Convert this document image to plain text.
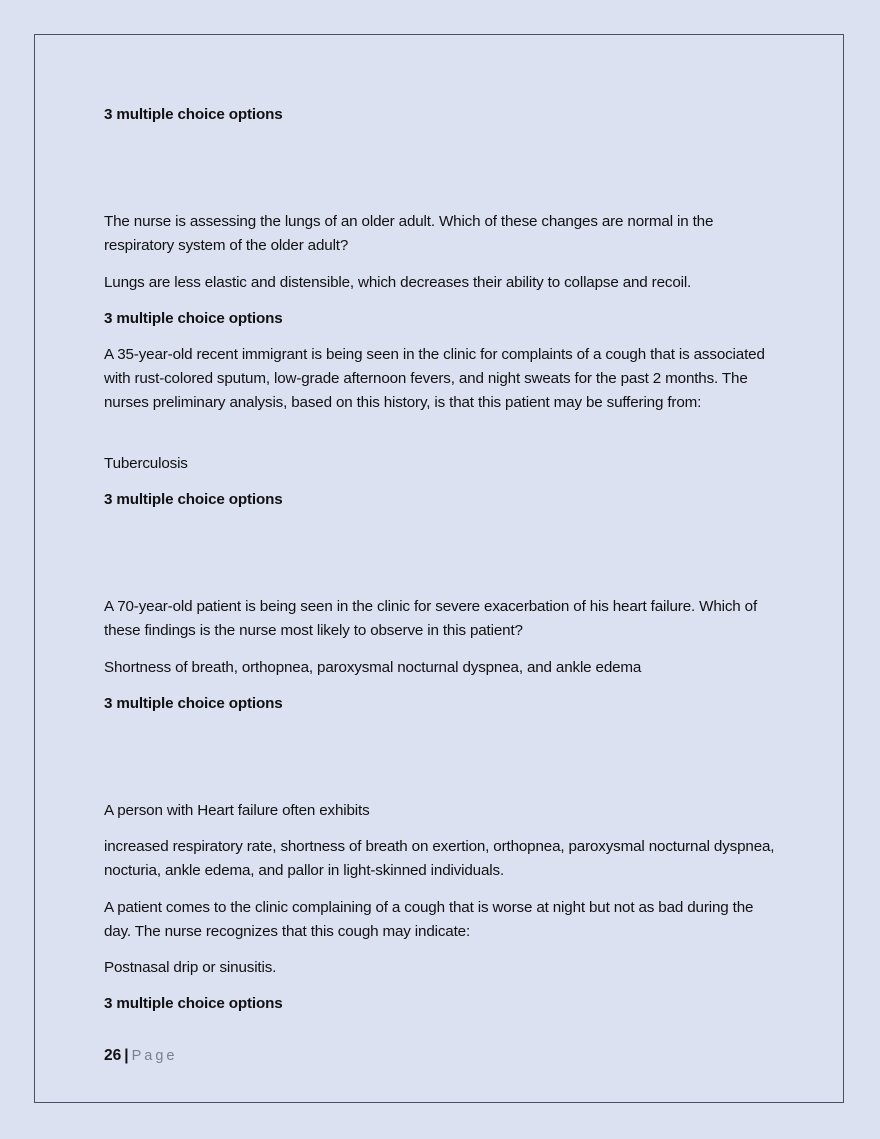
3 multiple choice options

The nurse is assessing the lungs of an older adult. Which of these changes are normal in the respiratory system of the older adult?

Lungs are less elastic and distensible, which decreases their ability to collapse and recoil.

3 multiple choice options

A 35-year-old recent immigrant is being seen in the clinic for complaints of a cough that is associated with rust-colored sputum, low-grade afternoon fevers, and night sweats for the past 2 months. The nurses preliminary analysis, based on this history, is that this patient may be suffering from:

Tuberculosis

3 multiple choice options

A 70-year-old patient is being seen in the clinic for severe exacerbation of his heart failure. Which of these findings is the nurse most likely to observe in this patient?

Shortness of breath, orthopnea, paroxysmal nocturnal dyspnea, and ankle edema

3 multiple choice options

A person with Heart failure often exhibits

increased respiratory rate, shortness of breath on exertion, orthopnea, paroxysmal nocturnal dyspnea, nocturia, ankle edema, and pallor in light-skinned individuals.

A patient comes to the clinic complaining of a cough that is worse at night but not as bad during the day. The nurse recognizes that this cough may indicate:

Postnasal drip or sinusitis.

3 multiple choice options

26 | Page
